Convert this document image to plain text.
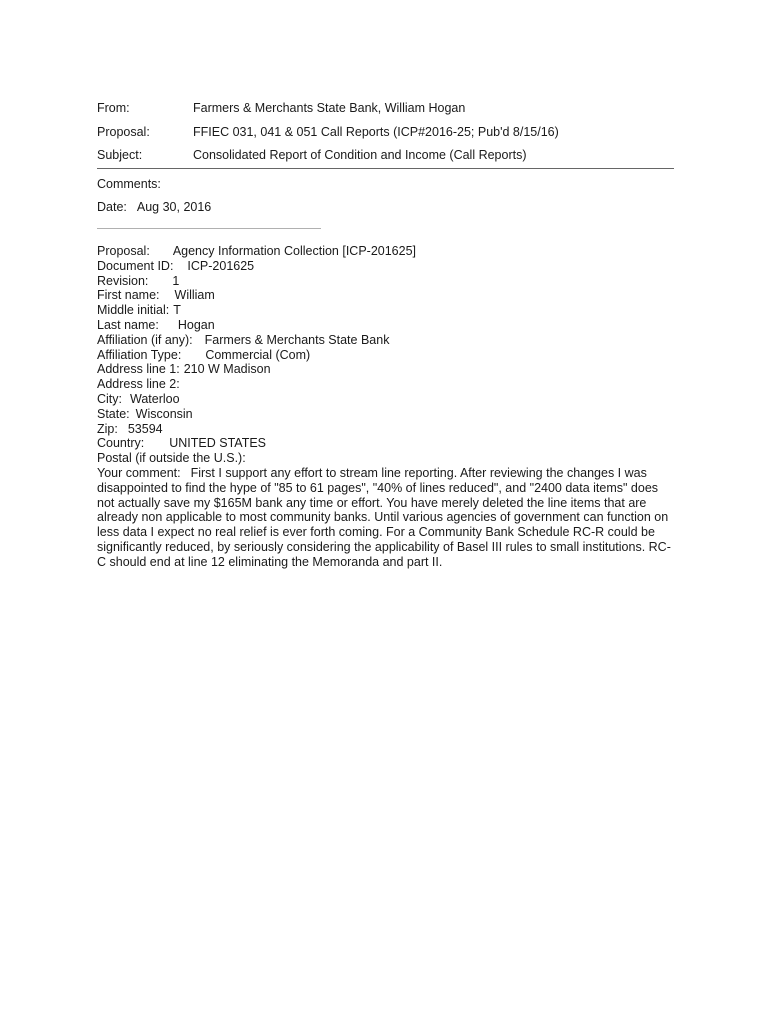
From:	Farmers & Merchants State Bank, William Hogan
Proposal:	FFIEC 031, 041 & 051 Call Reports (ICP#2016-25; Pub'd 8/15/16)
Subject:	Consolidated Report of Condition and Income (Call Reports)
Comments:
Date: Aug 30, 2016
Proposal: Agency Information Collection [ICP-201625]
Document ID: ICP-201625
Revision: 1
First name: William
Middle initial: T
Last name: Hogan
Affiliation (if any): Farmers & Merchants State Bank
Affiliation Type: Commercial (Com)
Address line 1: 210 W Madison
Address line 2:
City: Waterloo
State: Wisconsin
Zip: 53594
Country: UNITED STATES
Postal (if outside the U.S.):
Your comment: First I support any effort to stream line reporting. After reviewing the changes I was disappointed to find the hype of "85 to 61 pages", "40% of lines reduced", and "2400 data items" does not actually save my $165M bank any time or effort. You have merely deleted the line items that are already non applicable to most community banks. Until various agencies of government can function on less data I expect no real relief is ever forth coming. For a Community Bank Schedule RC-R could be significantly reduced, by seriously considering the applicability of Basel III rules to small institutions. RC-C should end at line 12 eliminating the Memoranda and part II.
